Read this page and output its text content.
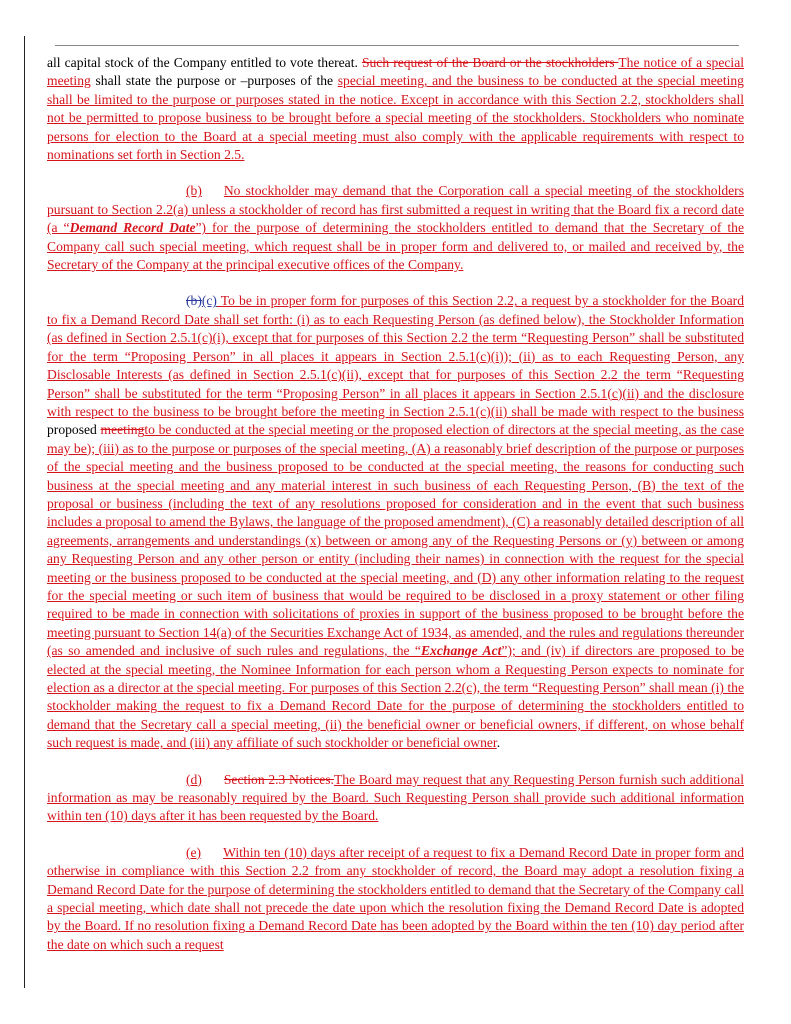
all capital stock of the Company entitled to vote thereat. Such request of the Board or the stockholders The notice of a special meeting shall state the purpose or –purposes of the special meeting, and the business to be conducted at the special meeting shall be limited to the purpose or purposes stated in the notice. Except in accordance with this Section 2.2, stockholders shall not be permitted to propose business to be brought before a special meeting of the stockholders. Stockholders who nominate persons for election to the Board at a special meeting must also comply with the applicable requirements with respect to nominations set forth in Section 2.5.

(b) No stockholder may demand that the Corporation call a special meeting of the stockholders pursuant to Section 2.2(a) unless a stockholder of record has first submitted a request in writing that the Board fix a record date (a “Demand Record Date”) for the purpose of determining the stockholders entitled to demand that the Secretary of the Company call such special meeting, which request shall be in proper form and delivered to, or mailed and received by, the Secretary of the Company at the principal executive offices of the Company.

(b)(c) To be in proper form for purposes of this Section 2.2, a request by a stockholder for the Board to fix a Demand Record Date shall set forth: (i) as to each Requesting Person (as defined below), the Stockholder Information (as defined in Section 2.5.1(c)(i), except that for purposes of this Section 2.2 the term “Requesting Person” shall be substituted for the term “Proposing Person” in all places it appears in Section 2.5.1(c)(i)); (ii) as to each Requesting Person, any Disclosable Interests (as defined in Section 2.5.1(c)(ii), except that for purposes of this Section 2.2 the term “Requesting Person” shall be substituted for the term “Proposing Person” in all places it appears in Section 2.5.1(c)(ii) and the disclosure with respect to the business to be brought before the meeting in Section 2.5.1(c)(ii) shall be made with respect to the business proposed meetingto be conducted at the special meeting or the proposed election of directors at the special meeting, as the case may be); (iii) as to the purpose or purposes of the special meeting, (A) a reasonably brief description of the purpose or purposes of the special meeting and the business proposed to be conducted at the special meeting, the reasons for conducting such business at the special meeting and any material interest in such business of each Requesting Person, (B) the text of the proposal or business (including the text of any resolutions proposed for consideration and in the event that such business includes a proposal to amend the Bylaws, the language of the proposed amendment), (C) a reasonably detailed description of all agreements, arrangements and understandings (x) between or among any of the Requesting Persons or (y) between or among any Requesting Person and any other person or entity (including their names) in connection with the request for the special meeting or the business proposed to be conducted at the special meeting, and (D) any other information relating to the request for the special meeting or such item of business that would be required to be disclosed in a proxy statement or other filing required to be made in connection with solicitations of proxies in support of the business proposed to be brought before the meeting pursuant to Section 14(a) of the Securities Exchange Act of 1934, as amended, and the rules and regulations thereunder (as so amended and inclusive of such rules and regulations, the “Exchange Act”); and (iv) if directors are proposed to be elected at the special meeting, the Nominee Information for each person whom a Requesting Person expects to nominate for election as a director at the special meeting. For purposes of this Section 2.2(c), the term “Requesting Person” shall mean (i) the stockholder making the request to fix a Demand Record Date for the purpose of determining the stockholders entitled to demand that the Secretary call a special meeting, (ii) the beneficial owner or beneficial owners, if different, on whose behalf such request is made, and (iii) any affiliate of such stockholder or beneficial owner.

(d) Section 2.3 Notices.The Board may request that any Requesting Person furnish such additional information as may be reasonably required by the Board. Such Requesting Person shall provide such additional information within ten (10) days after it has been requested by the Board.

(e) Within ten (10) days after receipt of a request to fix a Demand Record Date in proper form and otherwise in compliance with this Section 2.2 from any stockholder of record, the Board may adopt a resolution fixing a Demand Record Date for the purpose of determining the stockholders entitled to demand that the Secretary of the Company call a special meeting, which date shall not precede the date upon which the resolution fixing the Demand Record Date is adopted by the Board. If no resolution fixing a Demand Record Date has been adopted by the Board within the ten (10) day period after the date on which such a request
